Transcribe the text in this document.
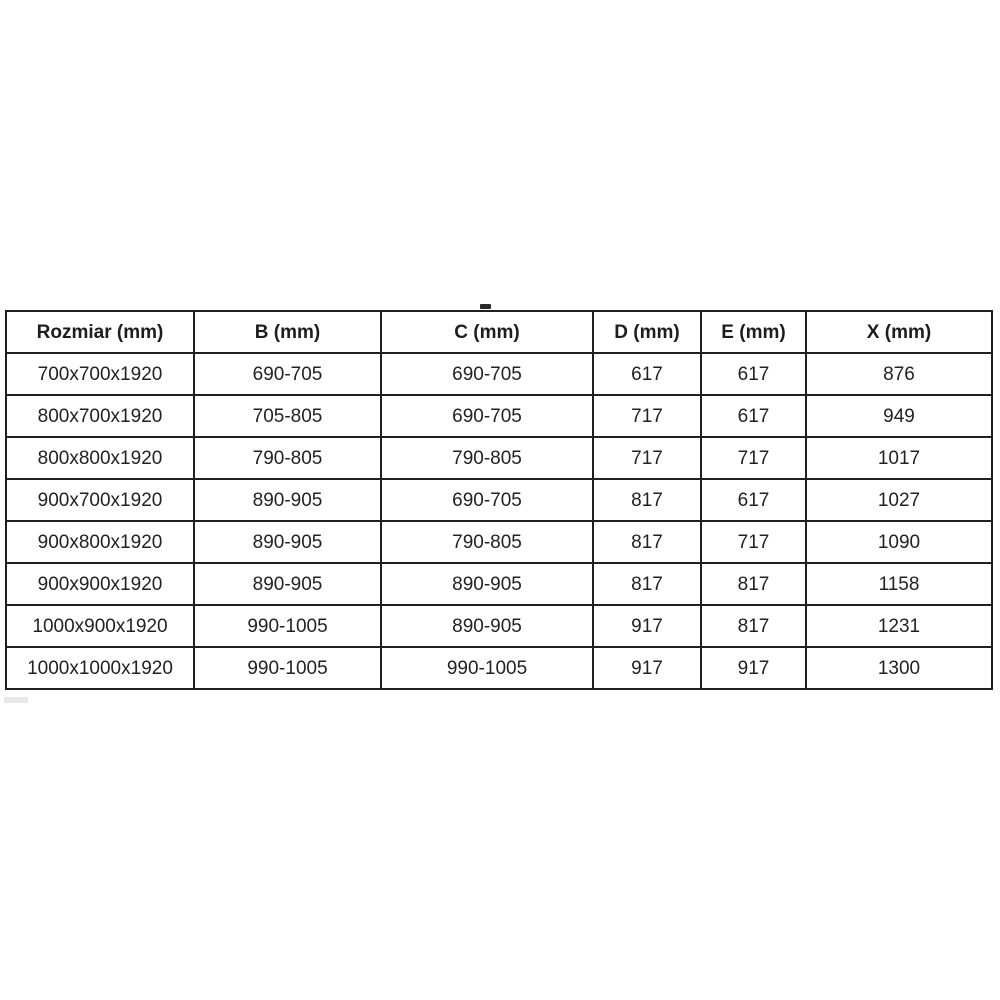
Rozmiar (mm)	B (mm)	C (mm)	D (mm)	E (mm)	X (mm)
700x700x1920	690-705	690-705	617	617	876
800x700x1920	705-805	690-705	717	617	949
800x800x1920	790-805	790-805	717	717	1017
900x700x1920	890-905	690-705	817	617	1027
900x800x1920	890-905	790-805	817	717	1090
900x900x1920	890-905	890-905	817	817	1158
1000x900x1920	990-1005	890-905	917	817	1231
1000x1000x1920	990-1005	990-1005	917	917	1300
